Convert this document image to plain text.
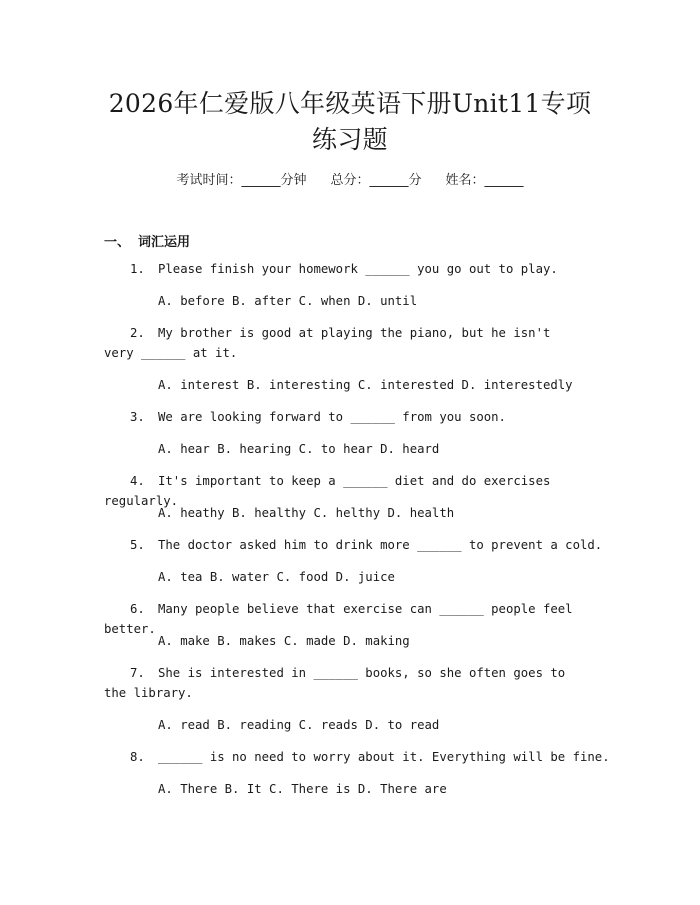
2026年仁爱版八年级英语下册Unit11专项
练习题
考试时间：______分钟 总分：______分 姓名：______
一、 词汇运用
1. Please finish your homework ______ you go out to play.
A. before B. after C. when D. until
2. My brother is good at playing the piano, but he isn't very ______ at it.
A. interest B. interesting C. interested D. interestedly
3. We are looking forward to ______ from you soon.
A. hear B. hearing C. to hear D. heard
4. It's important to keep a ______ diet and do exercises regularly.
A. heathy B. healthy C. helthy D. health
5. The doctor asked him to drink more ______ to prevent a cold.
A. tea B. water C. food D. juice
6. Many people believe that exercise can ______ people feel better.
A. make B. makes C. made D. making
7. She is interested in ______ books, so she often goes to the library.
A. read B. reading C. reads D. to read
8. ______ is no need to worry about it. Everything will be fine.
A. There B. It C. There is D. There are
